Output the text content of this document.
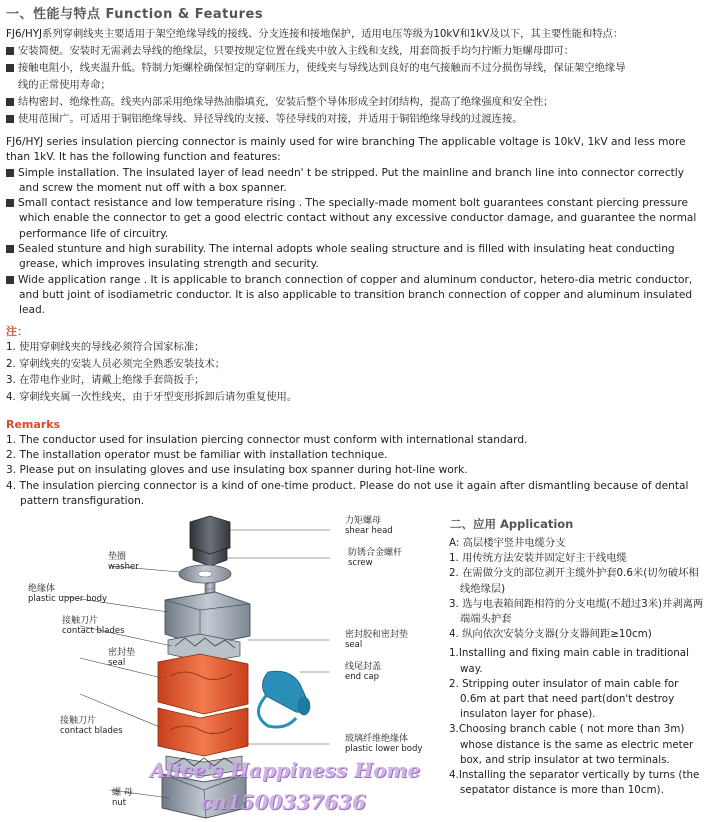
一、性能与特点 Function & Features
FJ6/HYJ系列穿刺线夹主要适用于架空绝缘导线的接线、分支连接和接地保护，适用电压等级为10kV和1kV及以下，其主要性能和特点：
安装简便。安装时无需剥去导线的绝缘层，只要按规定位置在线夹中放入主线和支线，用套筒扳手均匀拧断力矩螺母即可：
接触电阻小，线夹温升低。特制力矩螺栓确保恒定的穿刺压力，使线夹与导线达到良好的电气接触而不过分损伤导线，保证架空绝缘导
线的正常使用寿命；
结构密封、绝缘性高。线夹内部采用绝缘导热油脂填充，安装后整个导体形成全封闭结构，提高了绝缘强度和安全性；
使用范围广。可适用于铜铝绝缘导线、异径导线的支接、等径导线的对接，并适用于铜铝绝缘导线的过渡连接。

FJ6/HYJ series insulation piercing connector is mainly used for wire branching The applicable voltage is 10kV, 1kV and less more than 1kV. It has the following function and features:

Simple installation. The insulated layer of lead needn' t be stripped. Put the mainline and branch line into connector correctly and screw the moment nut off with a box spanner.

Small contact resistance and low temperature rising . The specially-made moment bolt guarantees constant piercing pressure which enable the connector to get a good electric contact without any excessive conductor damage, and guarantee the normal performance life of circuitry.

Sealed stunture and high surability. The internal adopts whole sealing structure and is filled with insulating heat conducting grease, which improves insulating strength and security.

Wide application range . It is applicable to branch connection of copper and aluminum conductor, hetero-dia metric conductor, and butt joint of isodiametric conductor. It is also applicable to transition branch connection of copper and aluminum insulated lead.

注：
1. 使用穿刺线夹的导线必须符合国家标准；
2. 穿刺线夹的安装人员必须完全熟悉安装技术；
3. 在带电作业时，请戴上绝缘手套筒扳手；
4. 穿刺线夹属一次性线夹，由于牙型变形拆卸后请勿重复使用。
Remarks

1. The conductor used for insulation piercing connector must conform with international standard.

2. The installation operator must be familiar with installation technique.

3. Please put on insulating gloves and use insulating box spanner during hot-line work.

4. The insulation piercing connector is a kind of one-time product. Please do not use it again after dismantling because of dental pattern transfiguration.

力矩螺母
shear head
防锈合金螺杆
screw
垫圈
washer
绝缘体
plastic upper body
接触刀片
contact blades	密封胶和密封垫
seal
密封垫
seal	线尾封盖
end cap
接触刀片
contact blades
玻璃纤维绝缘体
plastic lower body
螺 母
nut
二、应用 Application

A: 高层楼宇竖井电缆分支

1. 用传统方法安装并固定好主干线电缆

2. 在需做分支的部位剥开主缆外护套0.6米(切勿破坏相线绝缘层)

3. 选与电表箱间距相符的分支电缆(不超过3米)并剥离两端端头护套

4. 纵向依次安装分支器(分支器间距≥10cm)

1.Installing and fixing main cable in traditional way.

2. Stripping outer insulator of main cable for 0.6m at part that need part(don't destroy insulaton layer for phase).

3.Choosing branch cable ( not more than 3m) whose distance is the same as electric meter box, and strip insulator at two terminals.

4.Installing the separator vertically by turns (the sepatator distance is more than 10cm).

Alice's Happiness Home
cn1500337636
